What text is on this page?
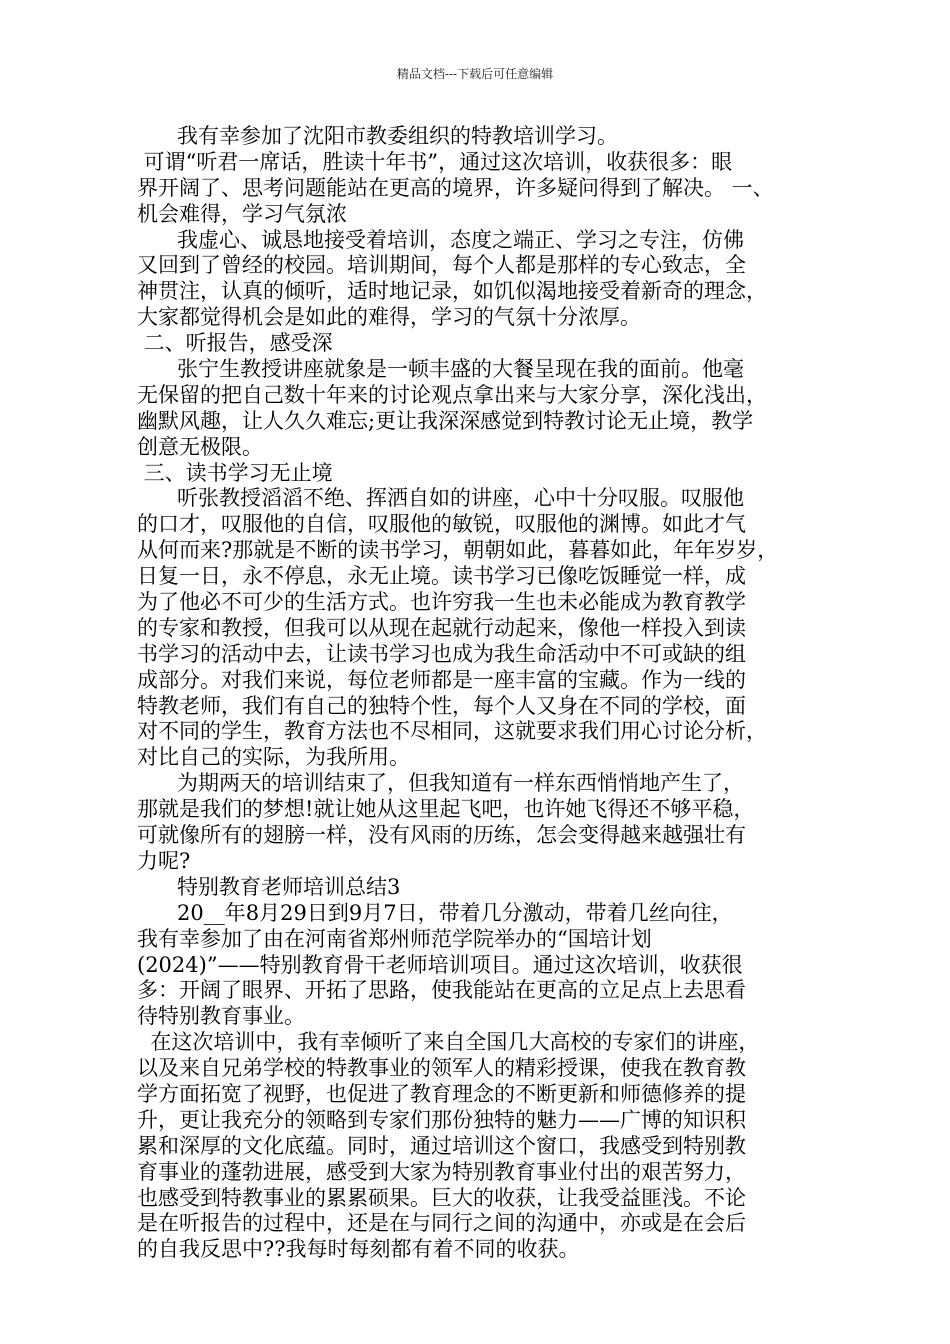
精品文档---下载后可任意编辑
我有幸参加了沈阳市教委组织的特教培训学习。
可谓“听君一席话，胜读十年书”，通过这次培训，收获很多：眼
界开阔了、思考问题能站在更高的境界，许多疑问得到了解决。 一、
机会难得，学习气氛浓
我虚心、诚恳地接受着培训，态度之端正、学习之专注，仿佛
又回到了曾经的校园。培训期间，每个人都是那样的专心致志，全
神贯注，认真的倾听，适时地记录，如饥似渴地接受着新奇的理念，
大家都觉得机会是如此的难得，学习的气氛十分浓厚。
二、听报告，感受深
张宁生教授讲座就象是一顿丰盛的大餐呈现在我的面前。他毫
无保留的把自己数十年来的讨论观点拿出来与大家分享，深化浅出，
幽默风趣，让人久久难忘;更让我深深感觉到特教讨论无止境，教学
创意无极限。
三、读书学习无止境
听张教授滔滔不绝、挥洒自如的讲座，心中十分叹服。叹服他
的口才，叹服他的自信，叹服他的敏锐，叹服他的渊博。如此才气
从何而来?那就是不断的读书学习，朝朝如此，暮暮如此，年年岁岁，
日复一日，永不停息，永无止境。读书学习已像吃饭睡觉一样，成
为了他必不可少的生活方式。也许穷我一生也未必能成为教育教学
的专家和教授，但我可以从现在起就行动起来，像他一样投入到读
书学习的活动中去，让读书学习也成为我生命活动中不可或缺的组
成部分。对我们来说，每位老师都是一座丰富的宝藏。作为一线的
特教老师，我们有自己的独特个性，每个人又身在不同的学校，面
对不同的学生，教育方法也不尽相同，这就要求我们用心讨论分析，
对比自己的实际，为我所用。
为期两天的培训结束了，但我知道有一样东西悄悄地产生了，
那就是我们的梦想!就让她从这里起飞吧，也许她飞得还不够平稳，
可就像所有的翅膀一样，没有风雨的历练，怎会变得越来越强壮有
力呢?
特别教育老师培训总结3
20__年8月29日到9月7日，带着几分激动，带着几丝向往，
我有幸参加了由在河南省郑州师范学院举办的“国培计划
(2024)”——特别教育骨干老师培训项目。通过这次培训，收获很
多：开阔了眼界、开拓了思路，使我能站在更高的立足点上去思看
待特别教育事业。
在这次培训中，我有幸倾听了来自全国几大高校的专家们的讲座，
以及来自兄弟学校的特教事业的领军人的精彩授课，使我在教育教
学方面拓宽了视野，也促进了教育理念的不断更新和师德修养的提
升，更让我充分的领略到专家们那份独特的魅力——广博的知识积
累和深厚的文化底蕴。同时，通过培训这个窗口，我感受到特别教
育事业的蓬勃进展，感受到大家为特别教育事业付出的艰苦努力，
也感受到特教事业的累累硕果。巨大的收获，让我受益匪浅。不论
是在听报告的过程中，还是在与同行之间的沟通中，亦或是在会后
的自我反思中??我每时每刻都有着不同的收获。
